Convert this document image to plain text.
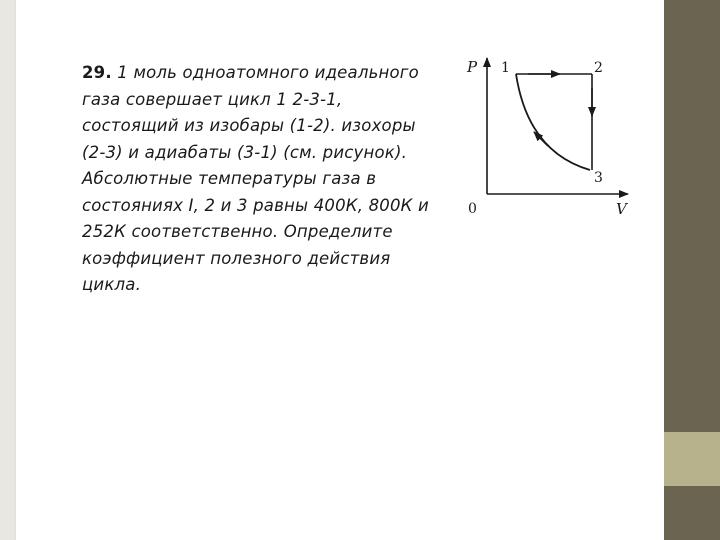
29. 1 моль одноатомного идеального газа совершает цикл 1 2-3-1, состоящий из изобары (1-2). изохоры (2-3) и адиабаты (3-1) (см. рисунок). Абсолютные температуры газа в состояниях I, 2 и 3 равны 400К, 800К и 252К соответственно. Определите коэффициент полезного действия цикла.
P
V
0
1	2
3
